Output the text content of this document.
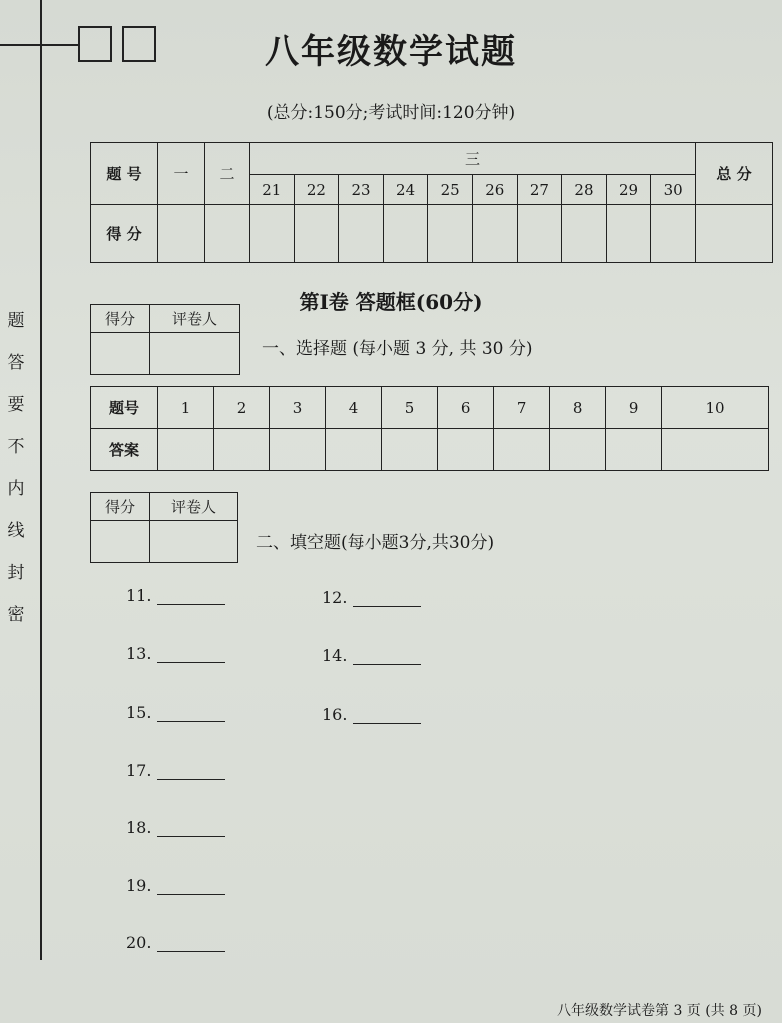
题
答
要
不
内
线
封
密
八年级数学试题
(总分:150分;考试时间:120分钟)
题 号	一	二	三										总 分
			21	22	23	24	25	26	27	28	29	30	
得 分													
第Ⅰ卷 答题框(60分)
得分	评卷人

一、选择题 (每小题 3 分, 共 30 分)
题号	1	2	3	4	5	6	7	8	9	10
答案										
得分	评卷人

二、填空题(每小题3分,共30分)
11.	12.
13.	14.
15.	16.
17.
18.
19.
20.
八年级数学试卷第 3 页 (共 8 页)
